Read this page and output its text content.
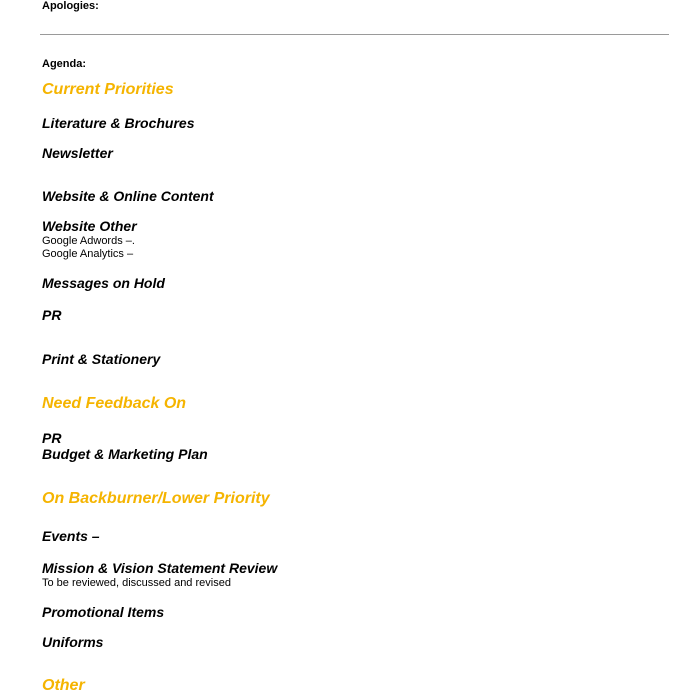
Apologies:
Agenda:
Current Priorities
Literature & Brochures
Newsletter
Website & Online Content
Website Other
Google Adwords –.
Google Analytics –
Messages on Hold
PR
Print & Stationery
Need Feedback On
PR
Budget & Marketing Plan
On Backburner/Lower Priority
Events –
Mission & Vision Statement Review
To be reviewed, discussed and revised
Promotional Items
Uniforms
Other
